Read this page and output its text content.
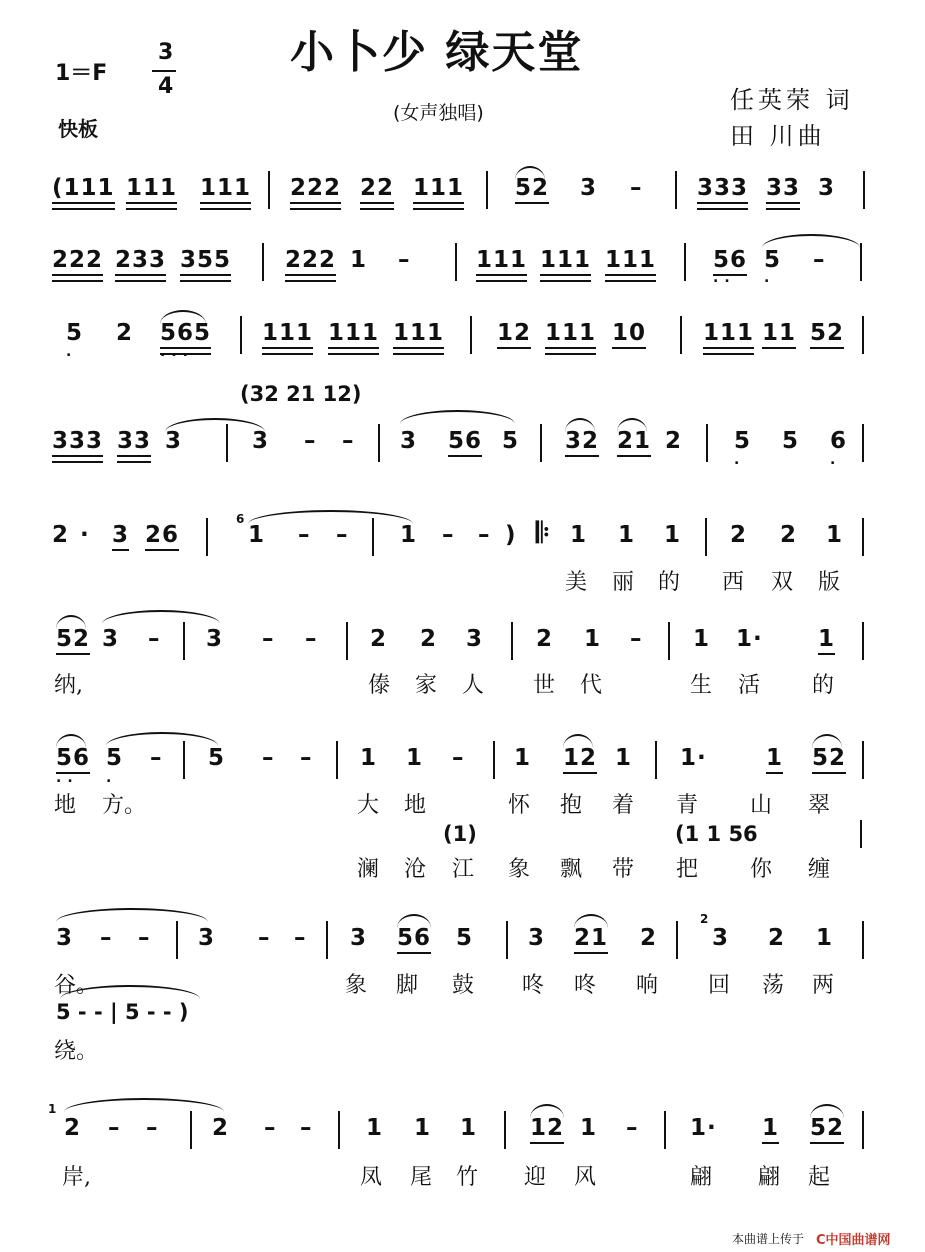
1＝F
3
4
快板
小卜少 绿天堂
(女声独唱)	任英荣 词
田 川曲
(111 111 111 222 22 111 52 3 – 333 33 3
222 233 355 222 1 –	111 111 111 56 5 –
5 2 565 111 111 111 12 111 10 111 11 52
333 33 3	3 – – 3 56 5 32 21 2 5 5 6
2 · 3 26	1 – – 1 – – ) 1 1 1 2 2 1
52 3 – 3 – – 2 2 3 2 1 – 1 1· 1
56 5 – 5 – – 1 1 – 1 12 1 1·	1 52
3 – – 3 – – 3 56 5 3 21 2 3 2 1
2 – – 2 – – 1 1 1 12 1 – 1· 1 52
𝄆
(32 21 12)
(1)	(1 1 56
5 - - | 5 - - )
6
2
1
.. .
.	...
.	.
.. .
美 丽 的 西 双 版
纳,	傣 家 人 世 代	生 活 的
地 方。	大 地	怀 抱 着 青 山 翠
澜 沧 江 象 飘 带 把 你 缠
谷。	象 脚 鼓 咚 咚 响 回 荡 两
绕。
岸,	凤 尾 竹 迎 风	翩 翩 起
本曲谱上传于 C中国曲谱网
